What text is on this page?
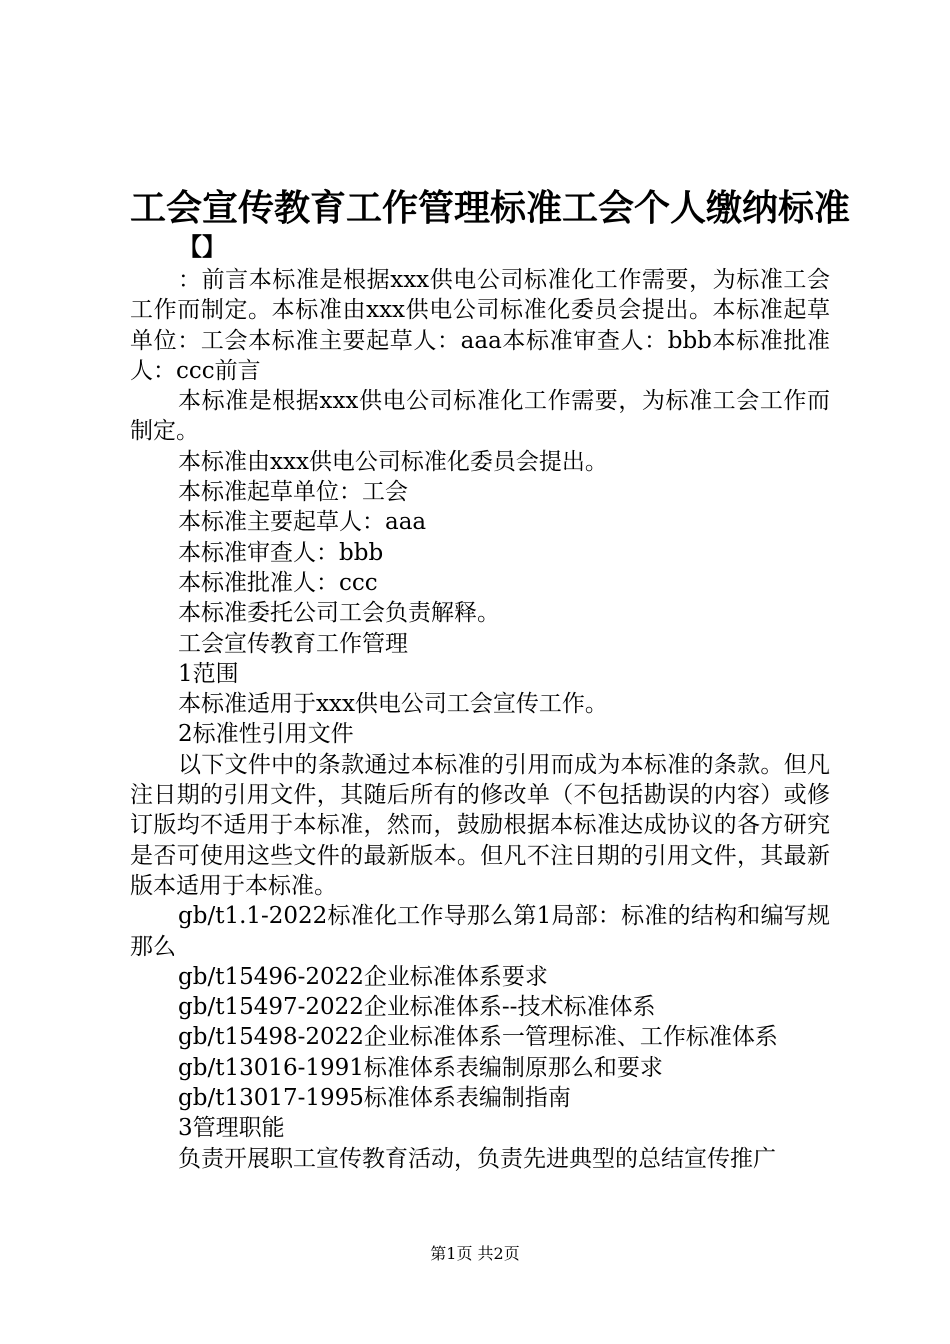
工会宣传教育工作管理标准工会个人缴纳标准
【】

：前言本标准是根据xxx供电公司标准化工作需要，为标准工会工作而制定。本标准由xxx供电公司标准化委员会提出。本标准起草单位：工会本标准主要起草人：aaa本标准审查人：bbb本标准批准人：ccc前言

本标准是根据xxx供电公司标准化工作需要，为标准工会工作而制定。

本标准由xxx供电公司标准化委员会提出。

本标准起草单位：工会

本标准主要起草人：aaa

本标准审查人：bbb

本标准批准人：ccc

本标准委托公司工会负责解释。

工会宣传教育工作管理

1范围

本标准适用于xxx供电公司工会宣传工作。

2标准性引用文件

以下文件中的条款通过本标准的引用而成为本标准的条款。但凡注日期的引用文件，其随后所有的修改单（不包括勘误的内容）或修订版均不适用于本标准，然而，鼓励根据本标准达成协议的各方研究是否可使用这些文件的最新版本。但凡不注日期的引用文件，其最新版本适用于本标准。

gb/t1.1-2022标准化工作导那么第1局部：标准的结构和编写规那么

gb/t15496-2022企业标准体系要求

gb/t15497-2022企业标准体系--技术标准体系

gb/t15498-2022企业标准体系一管理标准、工作标准体系

gb/t13016-1991标准体系表编制原那么和要求

gb/t13017-1995标准体系表编制指南

3管理职能

负责开展职工宣传教育活动，负责先进典型的总结宣传推广

第1页 共2页
